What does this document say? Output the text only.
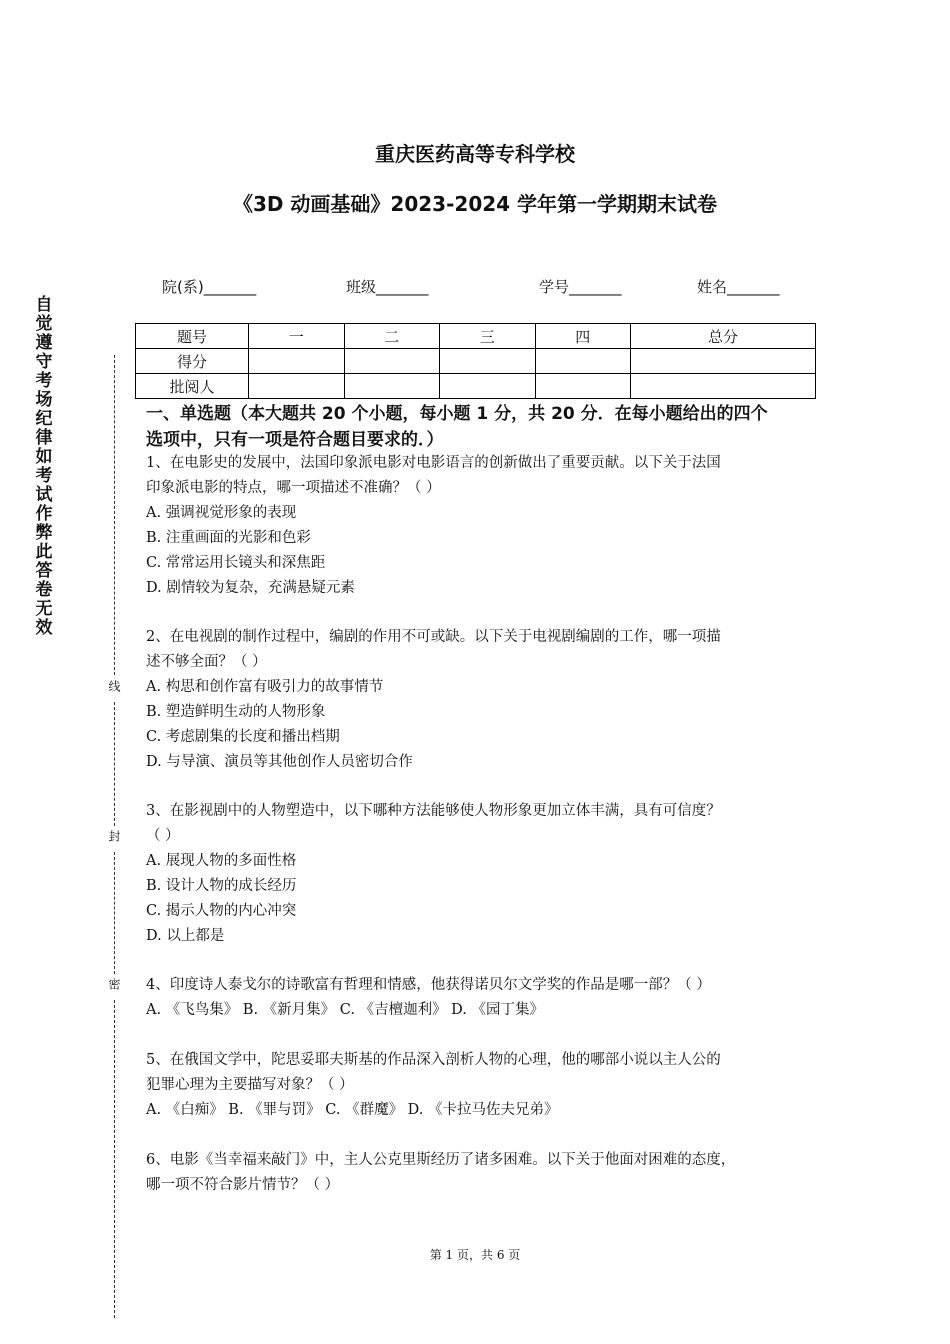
自觉遵守考场纪律如考试作弊此答卷无效
线
封
密
重庆医药高等专科学校
《3D 动画基础》2023-2024 学年第一学期期末试卷
院(系)_______	班级_______	学号_______	姓名_______
题号	一	二	三	四	总分
得分					
批阅人					
一、单选题（本大题共 20 个小题，每小题 1 分，共 20 分．在每小题给出的四个
选项中，只有一项是符合题目要求的．）
1、在电影史的发展中，法国印象派电影对电影语言的创新做出了重要贡献。以下关于法国
印象派电影的特点，哪一项描述不准确？（ ）
A. 强调视觉形象的表现
B. 注重画面的光影和色彩
C. 常常运用长镜头和深焦距
D. 剧情较为复杂，充满悬疑元素
2、在电视剧的制作过程中，编剧的作用不可或缺。以下关于电视剧编剧的工作，哪一项描
述不够全面？（ ）
A. 构思和创作富有吸引力的故事情节
B. 塑造鲜明生动的人物形象
C. 考虑剧集的长度和播出档期
D. 与导演、演员等其他创作人员密切合作
3、在影视剧中的人物塑造中，以下哪种方法能够使人物形象更加立体丰满，具有可信度？
（ ）
A. 展现人物的多面性格
B. 设计人物的成长经历
C. 揭示人物的内心冲突
D. 以上都是
4、印度诗人泰戈尔的诗歌富有哲理和情感，他获得诺贝尔文学奖的作品是哪一部？（ ）
A. 《飞鸟集》 B. 《新月集》 C. 《吉檀迦利》 D. 《园丁集》
5、在俄国文学中，陀思妥耶夫斯基的作品深入剖析人物的心理，他的哪部小说以主人公的
犯罪心理为主要描写对象？（ ）
A. 《白痴》 B. 《罪与罚》 C. 《群魔》 D. 《卡拉马佐夫兄弟》
6、电影《当幸福来敲门》中，主人公克里斯经历了诸多困难。以下关于他面对困难的态度，
哪一项不符合影片情节？（ ）
第 1 页，共 6 页
